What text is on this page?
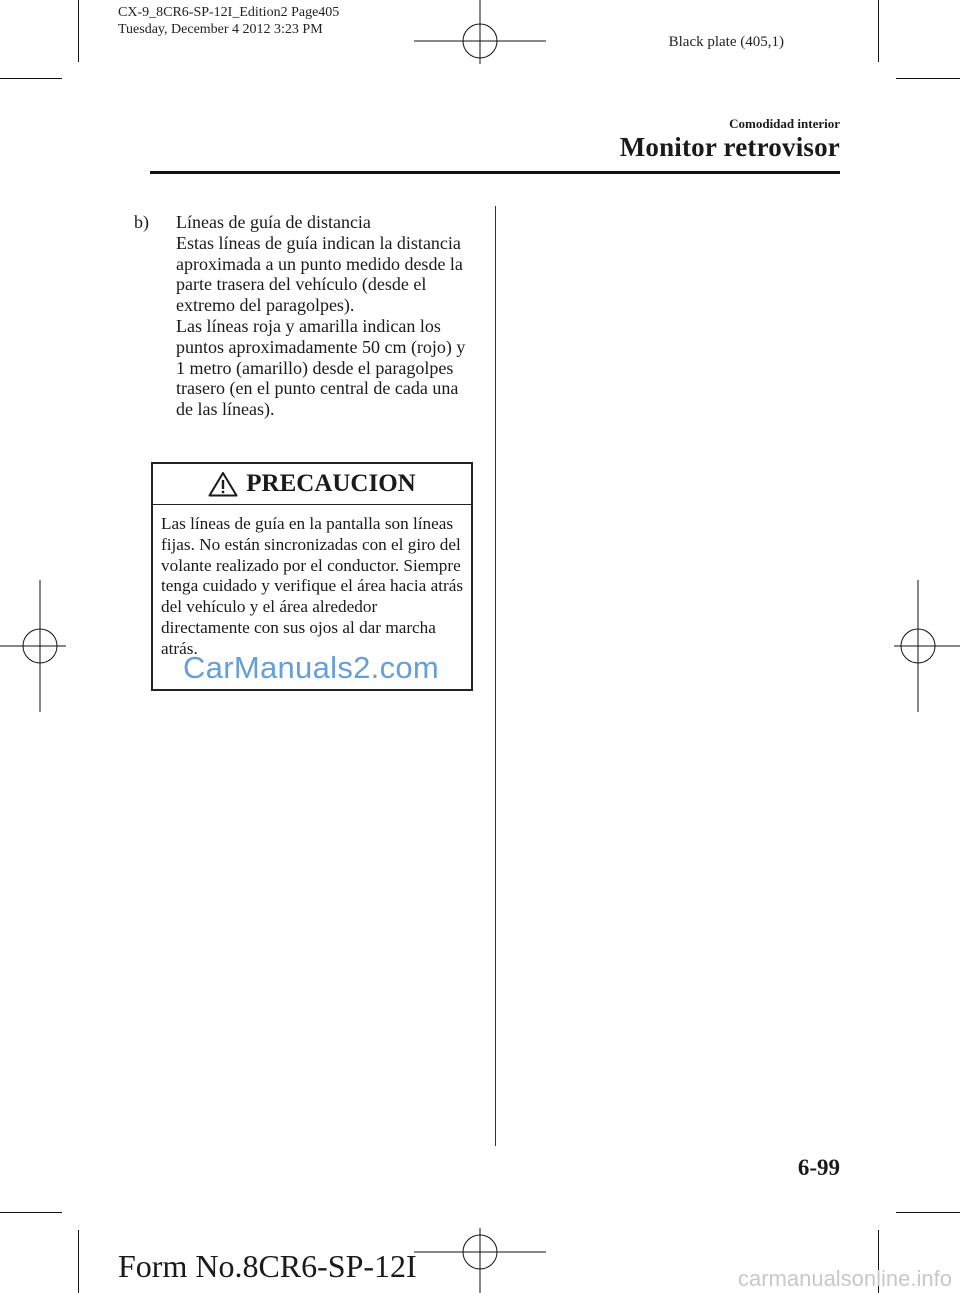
CX-9_8CR6-SP-12I_Edition2 Page405
Tuesday, December 4 2012 3:23 PM
Black plate (405,1)
Comodidad interior
Monitor retrovisor
b)	Líneas de guía de distancia

Estas líneas de guía indican la distancia aproximada a un punto medido desde la parte trasera del vehículo (desde el extremo del paragolpes).

Las líneas roja y amarilla indican los puntos aproximadamente 50 cm (rojo) y 1 metro (amarillo) desde el paragolpes trasero (en el punto central de cada una de las líneas).

PRECAUCION
Las líneas de guía en la pantalla son líneas fijas. No están sincronizadas con el giro del volante realizado por el conductor. Siempre tenga cuidado y verifique el área hacia atrás del vehículo y el área alrededor directamente con sus ojos al dar marcha atrás.
CarManuals2.com
6-99
Form No.8CR6-SP-12I	carmanualsonline.info
